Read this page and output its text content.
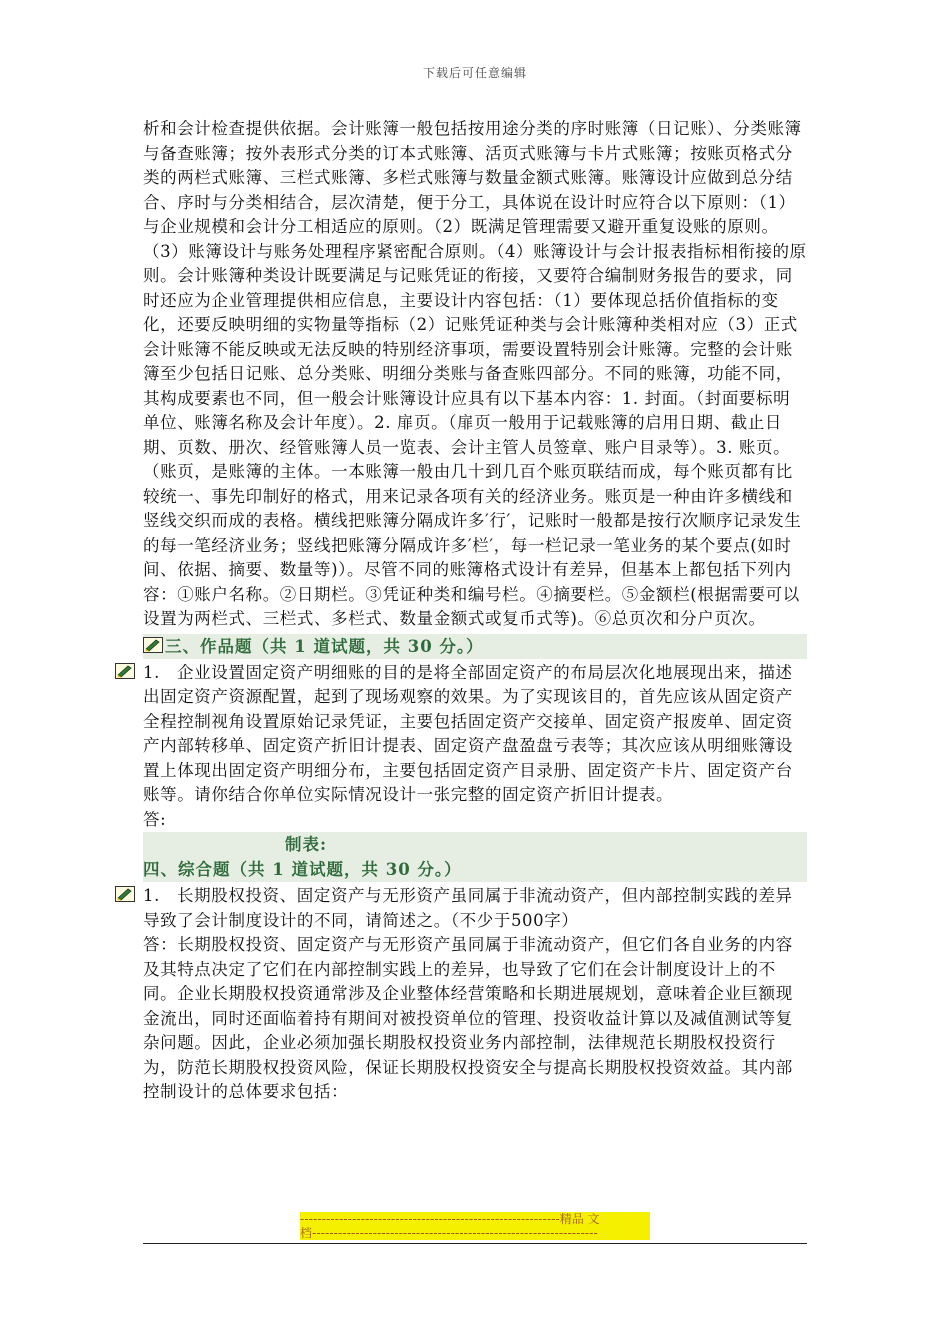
下载后可任意编辑

析和会计检查提供依据。会计账簿一般包括按用途分类的序时账簿（日记账）、分类账簿与备查账簿；按外表形式分类的订本式账簿、活页式账簿与卡片式账簿；按账页格式分类的两栏式账簿、三栏式账簿、多栏式账簿与数量金额式账簿。账簿设计应做到总分结合、序时与分类相结合，层次清楚，便于分工，具体说在设计时应符合以下原则：（1）与企业规模和会计分工相适应的原则。（2）既满足管理需要又避开重复设账的原则。（3）账簿设计与账务处理程序紧密配合原则。（4）账簿设计与会计报表指标相衔接的原则。会计账簿种类设计既要满足与记账凭证的衔接，又要符合编制财务报告的要求，同时还应为企业管理提供相应信息，主要设计内容包括：（1）要体现总括价值指标的变化，还要反映明细的实物量等指标（2）记账凭证种类与会计账簿种类相对应（3）正式会计账簿不能反映或无法反映的特别经济事项，需要设置特别会计账簿。完整的会计账簿至少包括日记账、总分类账、明细分类账与备查账四部分。不同的账簿，功能不同，其构成要素也不同，但一般会计账簿设计应具有以下基本内容：1. 封面。（封面要标明单位、账簿名称及会计年度）。2. 扉页。（扉页一般用于记载账簿的启用日期、截止日期、页数、册次、经管账簿人员一览表、会计主管人员签章、账户目录等）。3. 账页。（账页，是账簿的主体。一本账簿一般由几十到几百个账页联结而成，每个账页都有比较统一、事先印制好的格式，用来记录各项有关的经济业务。账页是一种由许多横线和竖线交织而成的表格。横线把账簿分隔成许多′行′，记账时一般都是按行次顺序记录发生的每一笔经济业务；竖线把账簿分隔成许多′栏′，每一栏记录一笔业务的某个要点(如时间、依据、摘要、数量等)）。尽管不同的账簿格式设计有差异，但基本上都包括下列内容：①账户名称。②日期栏。③凭证种类和编号栏。④摘要栏。⑤金额栏(根据需要可以设置为两栏式、三栏式、多栏式、数量金额式或复币式等)。⑥总页次和分户页次。

三、作品题（共 1 道试题，共 30 分。）

1.　企业设置固定资产明细账的目的是将全部固定资产的布局层次化地展现出来，描述出固定资产资源配置，起到了现场观察的效果。为了实现该目的，首先应该从固定资产全程控制视角设置原始记录凭证，主要包括固定资产交接单、固定资产报废单、固定资产内部转移单、固定资产折旧计提表、固定资产盘盈盘亏表等；其次应该从明细账簿设置上体现出固定资产明细分布，主要包括固定资产目录册、固定资产卡片、固定资产台账等。请你结合你单位实际情况设计一张完整的固定资产折旧计提表。

答:

制表:
四、综合题（共 1 道试题，共 30 分。）

1.　长期股权投资、固定资产与无形资产虽同属于非流动资产，但内部控制实践的差异导致了会计制度设计的不同，请简述之。（不少于500字）

答：长期股权投资、固定资产与无形资产虽同属于非流动资产，但它们各自业务的内容及其特点决定了它们在内部控制实践上的差异，也导致了它们在会计制度设计上的不同。企业长期股权投资通常涉及企业整体经营策略和长期进展规划，意味着企业巨额现金流出，同时还面临着持有期间对被投资单位的管理、投资收益计算以及减值测试等复杂问题。因此，企业必须加强长期股权投资业务内部控制，法律规范长期股权投资行为，防范长期股权投资风险，保证长期股权投资安全与提高长期股权投资效益。其内部控制设计的总体要求包括：

------------------------------------------------------------精品 文
档------------------------------------------------------------------
